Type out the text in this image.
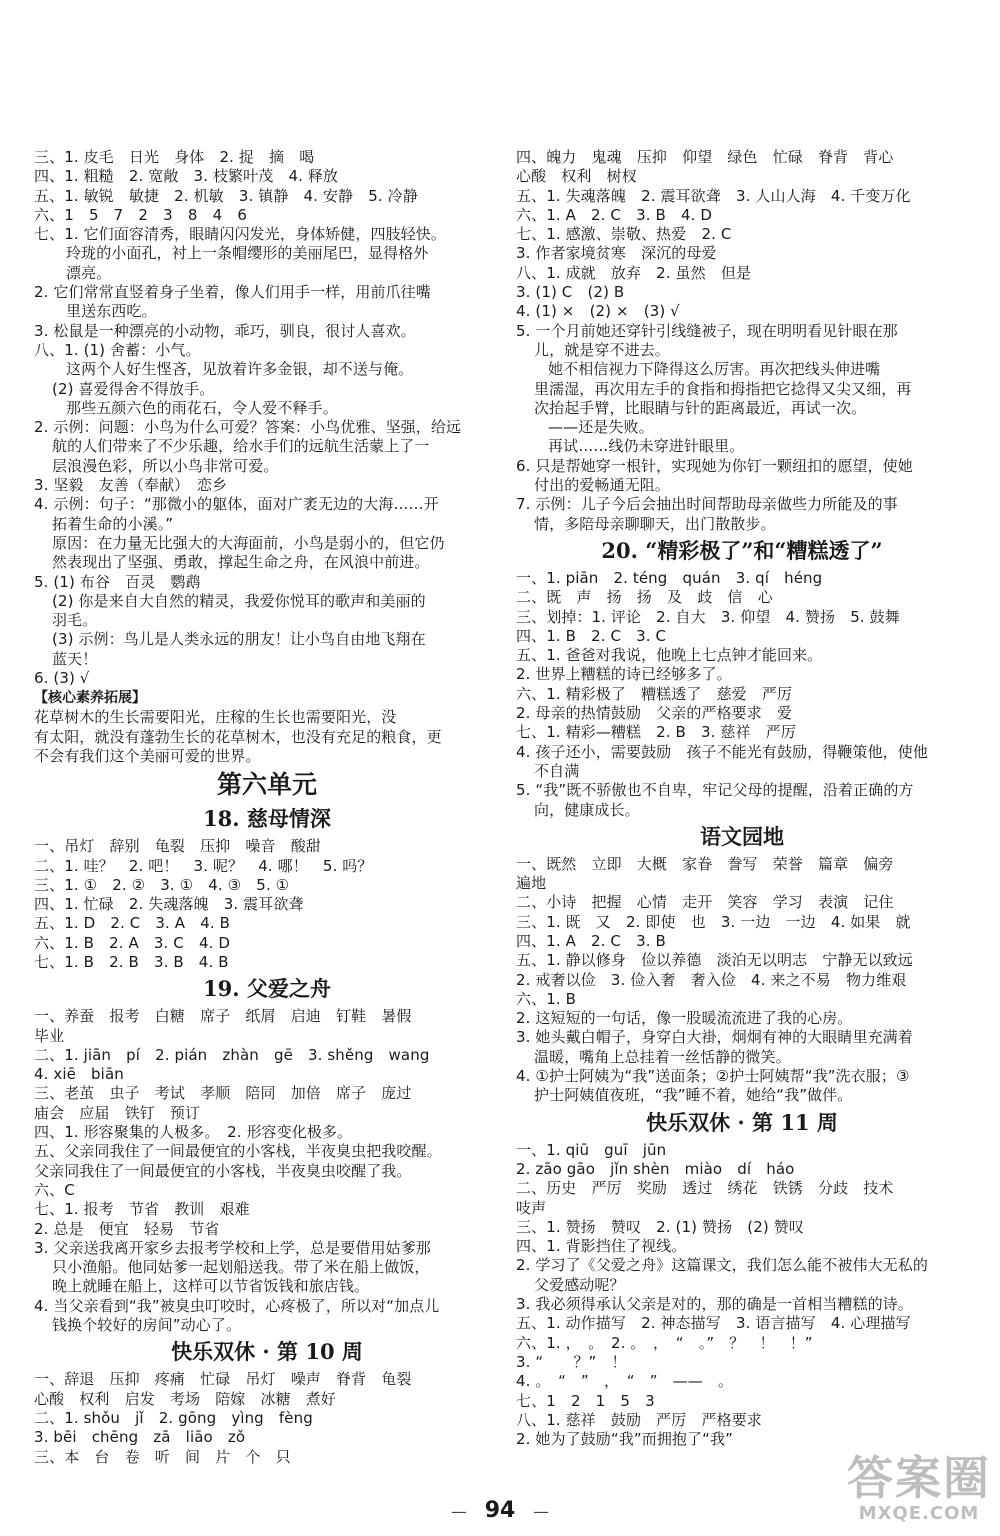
三、1. 皮毛　日光　身体　2. 捉　摘　喝
四、1. 粗糙　2. 宽敞　3. 枝繁叶茂　4. 释放
五、1. 敏锐　敏捷　2. 机敏　3. 镇静　4. 安静　5. 冷静
六、1　5　7　2　3　8　4　6
七、1. 它们面容清秀，眼睛闪闪发光，身体矫健，四肢轻快。
玲珑的小面孔，衬上一条帽缨形的美丽尾巴，显得格外
漂亮。
2. 它们常常直竖着身子坐着，像人们用手一样，用前爪往嘴
里送东西吃。
3. 松鼠是一种漂亮的小动物，乖巧，驯良，很讨人喜欢。
八、1. (1) 舍蓄：小气。
这两个人好生悭吝，见放着许多金银，却不送与俺。
(2) 喜爱得舍不得放手。
那些五颜六色的雨花石，令人爱不释手。
2. 示例：问题：小鸟为什么可爱？答案：小鸟优雅、坚强，给远
航的人们带来了不少乐趣，给水手们的远航生活蒙上了一
层浪漫色彩，所以小鸟非常可爱。
3. 坚毅　友善（奉献）　恋乡
4. 示例：句子：“那微小的躯体，面对广袤无边的大海……开
拓着生命的小溪。”
原因：在力量无比强大的大海面前，小鸟是弱小的，但它仍
然表现出了坚强、勇敢，撑起生命之舟，在风浪中前进。
5. (1) 布谷　百灵　鹦鹉
(2) 你是来自大自然的精灵，我爱你悦耳的歌声和美丽的
羽毛。
(3) 示例：鸟儿是人类永远的朋友！让小鸟自由地飞翔在
蓝天！
6. (3) √
【核心素养拓展】
花草树木的生长需要阳光，庄稼的生长也需要阳光，没
有太阳，就没有蓬勃生长的花草树木，也没有充足的粮食，更
不会有我们这个美丽可爱的世界。
第六单元
18. 慈母情深
一、吊灯　辞别　龟裂　压抑　噪音　酸甜
二、1. 哇？　2. 吧！　3. 呢？　4. 哪！　5. 吗？
三、1. ①　2. ②　3. ①　4. ③　5. ①
四、1. 忙碌　2. 失魂落魄　3. 震耳欲聋
五、1. D　2. C　3. A　4. B
六、1. B　2. A　3. C　4. D
七、1. B　2. B　3. B　4. B
19. 父爱之舟
一、养蚕　报考　白糖　席子　纸屑　启迪　钉鞋　暑假
毕业
二、1. jiān　pí　2. pián　zhàn　gē　3. shěng　wang
4. xiē　biān
三、老茧　虫子　考试　孝顺　陪同　加倍　席子　庞过
庙会　应届　铁钉　预订
四、1. 形容聚集的人极多。　2. 形容变化极多。
五、父亲同我住了一间最便宜的小客栈，半夜臭虫把我咬醒。
父亲同我住了一间最便宜的小客栈，半夜臭虫咬醒了我。
六、C
七、1. 报考　节省　教训　艰难
2. 总是　便宜　轻易　节省
3. 父亲送我离开家乡去报考学校和上学，总是要借用姑爹那
只小渔船。他同姑爹一起划船送我。带了米在船上做饭，
晚上就睡在船上，这样可以节省饭钱和旅店钱。
4. 当父亲看到“我”被臭虫叮咬时，心疼极了，所以对“加点儿
钱换个较好的房间”动心了。
快乐双休 · 第 10 周
一、辞退　压抑　疼痛　忙碌　吊灯　噪声　脊背　龟裂
心酸　权利　启发　考场　陪嫁　冰糖　煮好
二、1. shǒu　jǐ　2. gōng　yìng　fèng
3. bēi　chēng　zā　liāo　zǒ
三、本　台　卷　听　间　片　个　只
四、魄力　鬼魂　压抑　仰望　绿色　忙碌　脊背　背心
心酸　权利　树杈
五、1. 失魂落魄　2. 震耳欲聋　3. 人山人海　4. 千变万化
六、1. A　2. C　3. B　4. D
七、1. 感激、崇敬、热爱　2. C
3. 作者家境贫寒　深沉的母爱
八、1. 成就　放弃　2. 虽然　但是
3. (1) C　(2) B
4. (1) ×　(2) ×　(3) √
5. 一个月前她还穿针引线缝被子，现在明明看见针眼在那
儿，就是穿不进去。
她不相信视力下降得这么厉害。再次把线头伸进嘴
里濡湿，再次用左手的食指和拇指把它捻得又尖又细，再
次抬起手臂，比眼睛与针的距离最近，再试一次。
——还是失败。
再试……线仍未穿进针眼里。
6. 只是帮她穿一根针，实现她为你钉一颗纽扣的愿望，使她
付出的爱畅通无阻。
7. 示例：儿子今后会抽出时间帮助母亲做些力所能及的事
情，多陪母亲聊聊天，出门散散步。
20. “精彩极了”和“糟糕透了”
一、1. piān　2. téng　quán　3. qí　héng
二、既　声　扬　扬　及　歧　信　心
三、划掉：1. 评论　2. 自大　3. 仰望　4. 赞扬　5. 鼓舞
四、1. B　2. C　3. C
五、1. 爸爸对我说，他晚上七点钟才能回来。
2. 世界上糟糕的诗已经够多了。
六、1. 精彩极了　糟糕透了　慈爱　严厉
2. 母亲的热情鼓励　父亲的严格要求　爱
七、1. 精彩—糟糕　2. B　3. 慈祥　严厉
4. 孩子还小，需要鼓励　孩子不能光有鼓励，得鞭策他，使他
不自满
5. “我”既不骄傲也不自卑，牢记父母的提醒，沿着正确的方
向，健康成长。
语文园地
一、既然　立即　大概　家眷　誊写　荣誉　篇章　偏旁
遍地
二、小诗　把握　心情　走开　笑容　学习　表演　记住
三、1. 既　又　2. 即使　也　3. 一边　一边　4. 如果　就
四、1. A　2. C　3. B
五、1. 静以修身　俭以养德　淡泊无以明志　宁静无以致远
2. 戒奢以俭　3. 俭入奢　奢入俭　4. 来之不易　物力维艰
六、1. B
2. 这短短的一句话，像一股暖流流进了我的心房。
3. 她头戴白帽子，身穿白大褂，炯炯有神的大眼睛里充满着
温暖，嘴角上总挂着一丝恬静的微笑。
4. ①护士阿姨为“我”送面条；②护士阿姨帮“我”洗衣服；③
护士阿姨值夜班，“我”睡不着，她给“我”做伴。
快乐双休 · 第 11 周
一、1. qiū　guī　jūn
2. zāo gāo　jǐn shèn　miào　dí　háo
二、历史　严厉　奖励　透过　绣花　铁锈　分歧　技术
吱声
三、1. 赞扬　赞叹　2. (1) 赞扬　(2) 赞叹
四、1. 背影挡住了视线。
2. 学习了《父爱之舟》这篇课文，我们怎么能不被伟大无私的
父爱感动呢？
3. 我必须得承认父亲是对的，那的确是一首相当糟糕的诗。
五、1. 动作描写　2. 神态描写　3. 语言描写　4. 心理描写
六、1. ，　。　2. 。　，　“　。”　？　！　！”
3. “　　？”　！
4. 。　“　”　，　“　”　——　。
七、1　2　1　5　3
八、1. 慈祥　鼓励　严厉　严格要求
2. 她为了鼓励“我”而拥抱了“我”
— 94 —
答案圈
MXQE.COM
